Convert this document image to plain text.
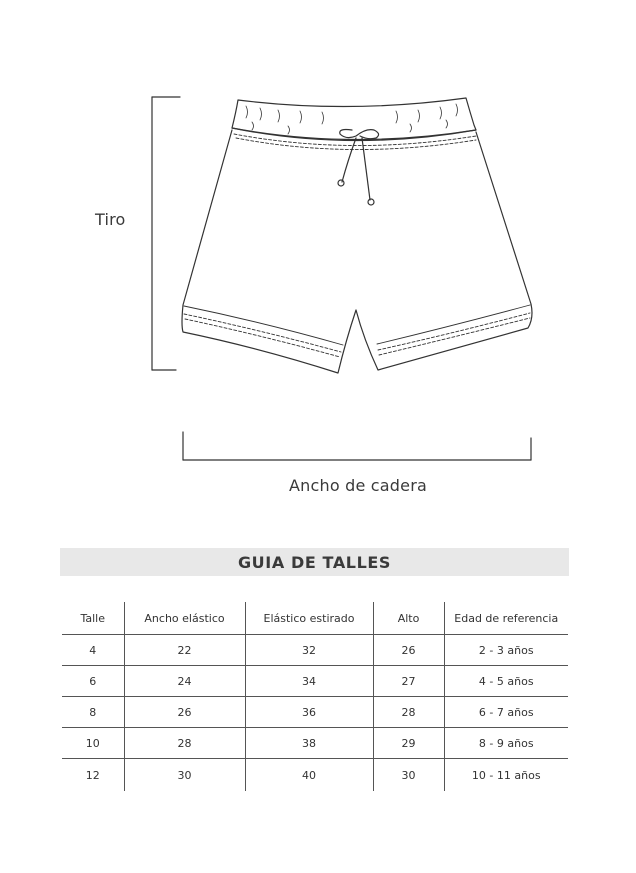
Tiro
Ancho de cadera
GUIA DE TALLES
Talle	Ancho elástico	Elástico estirado	Alto	Edad de referencia
4	22	32	26	2 - 3 años
6	24	34	27	4 - 5 años
8	26	36	28	6 - 7 años
10	28	38	29	8 - 9 años
12	30	40	30	10 - 11 años
